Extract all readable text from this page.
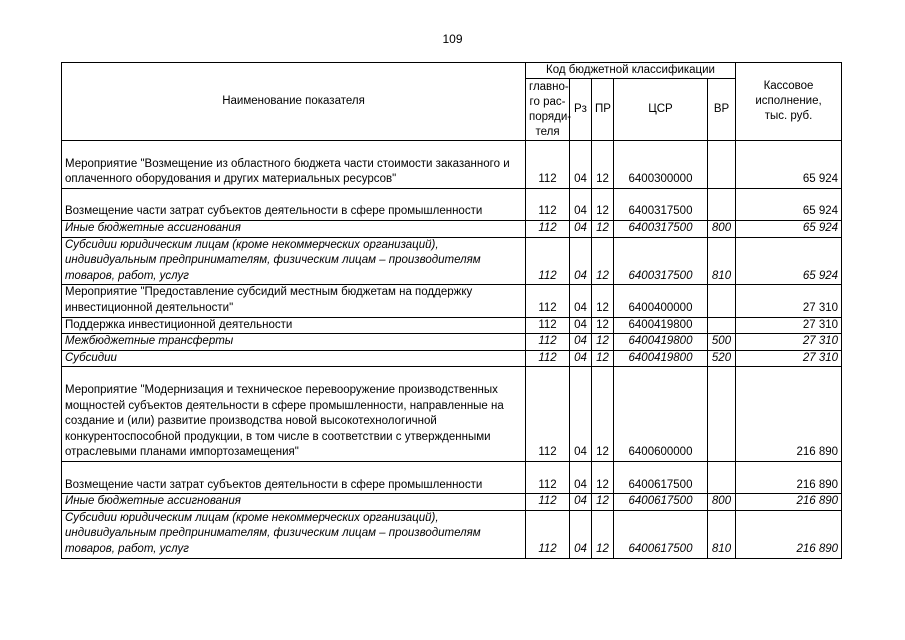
109
Наименование показателя	Код бюджетной классификации					Кассовое
исполнение,
тыс. руб.
	главно-
го рас-
поряди-
теля	Рз	ПР	ЦСР	ВР	
Мероприятие "Возмещение из областного бюджета части стоимости заказанного и оплаченного оборудования и других материальных ресурсов"	112	04	12	6400300000		65 924
Возмещение части затрат субъектов деятельности в сфере промышленности	112	04	12	6400317500		65 924
Иные бюджетные ассигнования	112	04	12	6400317500	800	65 924
Субсидии юридическим лицам (кроме некоммерческих организаций), индивидуальным предпринимателям, физическим лицам – производителям товаров, работ, услуг	112	04	12	6400317500	810	65 924
Мероприятие "Предоставление субсидий местным бюджетам на поддержку инвестиционной деятельности"	112	04	12	6400400000		27 310
Поддержка инвестиционной деятельности	112	04	12	6400419800		27 310
Межбюджетные трансферты	112	04	12	6400419800	500	27 310
Субсидии	112	04	12	6400419800	520	27 310
Мероприятие "Модернизация и техническое перевооружение производственных мощностей субъектов деятельности в сфере промышленности, направленные на создание и (или) развитие производства новой высокотехнологичной конкурентоспособной продукции, в том числе в соответствии с утвержденными отраслевыми планами импортозамещения"	112	04	12	6400600000		216 890
Возмещение части затрат субъектов деятельности в сфере промышленности	112	04	12	6400617500		216 890
Иные бюджетные ассигнования	112	04	12	6400617500	800	216 890
Субсидии юридическим лицам (кроме некоммерческих организаций), индивидуальным предпринимателям, физическим лицам – производителям товаров, работ, услуг	112	04	12	6400617500	810	216 890
